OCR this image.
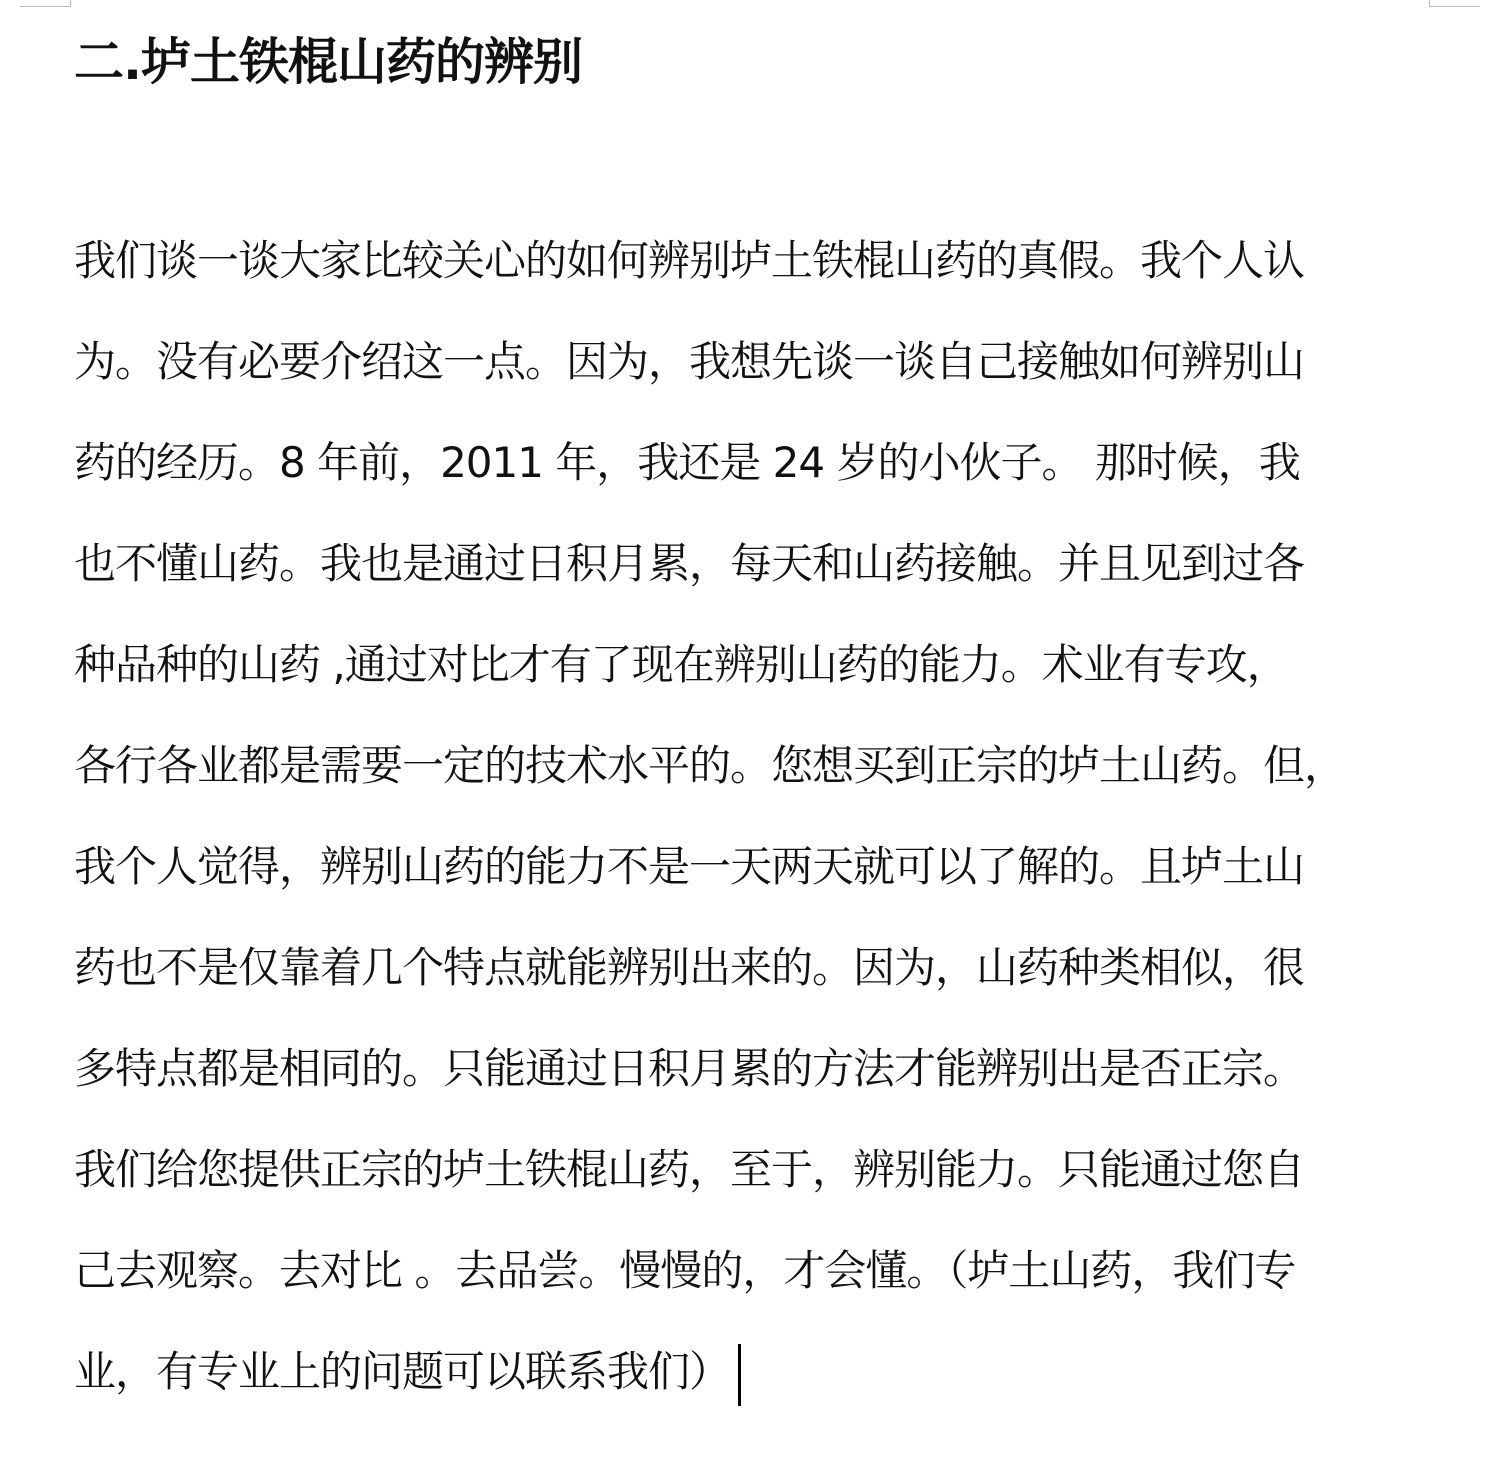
二.垆土铁棍山药的辨别
我们谈一谈大家比较关心的如何辨别垆土铁棍山药的真假。我个人认
为。没有必要介绍这一点。因为，我想先谈一谈自己接触如何辨别山
药的经历。8 年前，2011 年，我还是 24 岁的小伙子。 那时候，我
也不懂山药。我也是通过日积月累，每天和山药接触。并且见到过各
种品种的山药 ,通过对比才有了现在辨别山药的能力。术业有专攻，
各行各业都是需要一定的技术水平的。您想买到正宗的垆土山药。但，
我个人觉得，辨别山药的能力不是一天两天就可以了解的。且垆土山
药也不是仅靠着几个特点就能辨别出来的。因为，山药种类相似，很
多特点都是相同的。只能通过日积月累的方法才能辨别出是否正宗。
我们给您提供正宗的垆土铁棍山药，至于，辨别能力。只能通过您自
己去观察。去对比 。去品尝。慢慢的，才会懂。（垆土山药，我们专
业，有专业上的问题可以联系我们）
